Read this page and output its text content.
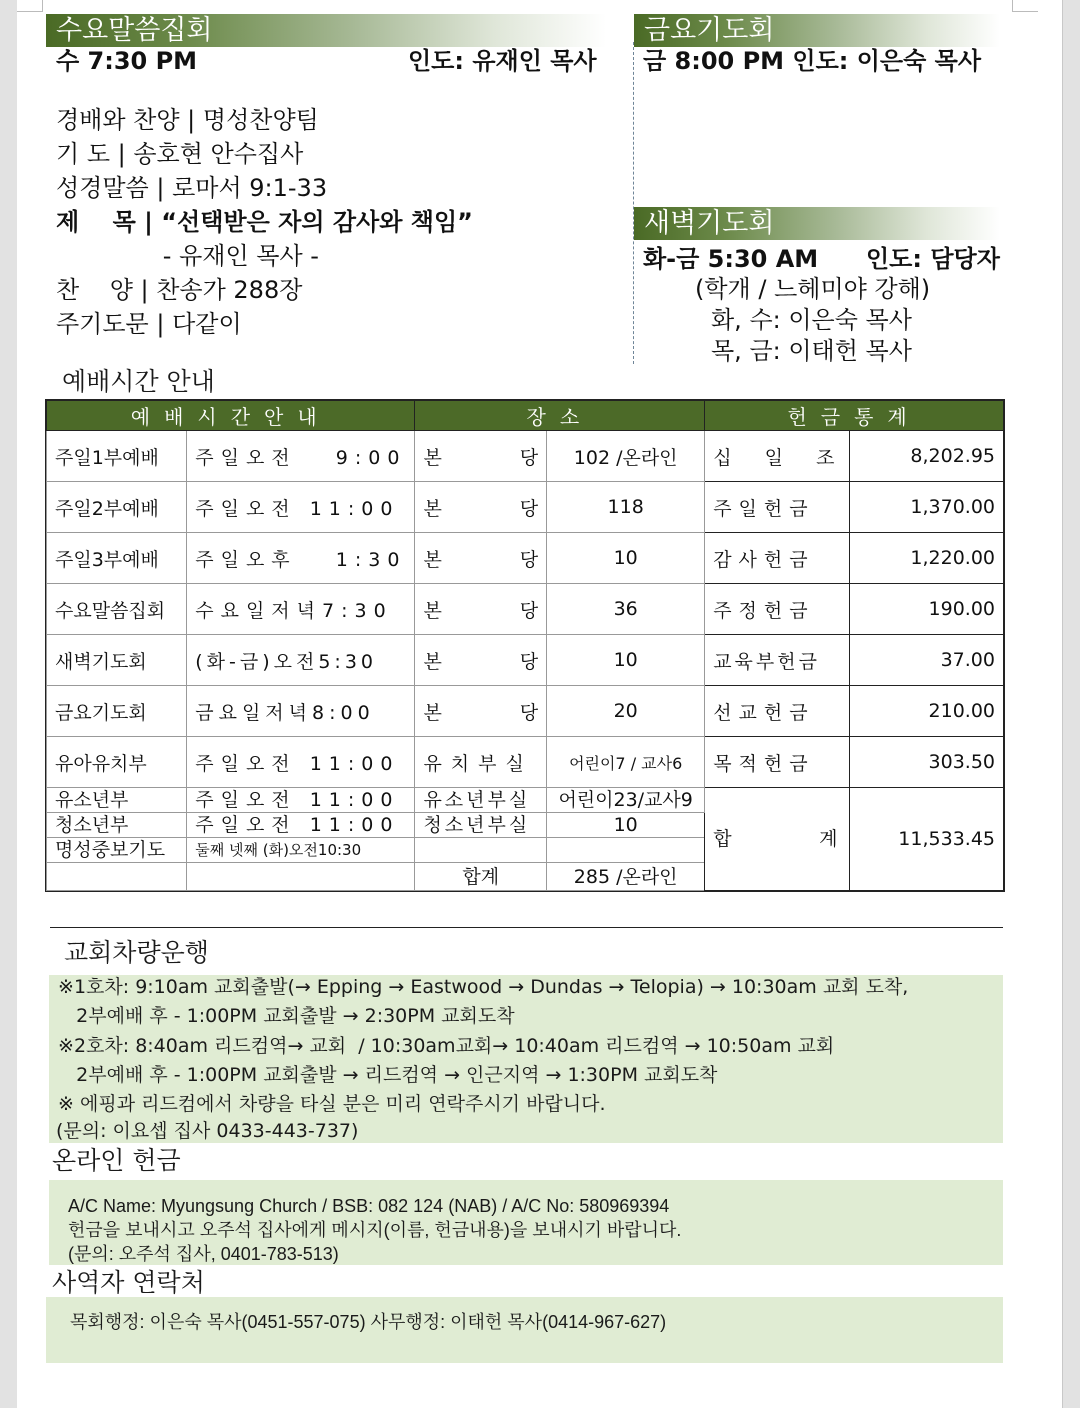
수요말씀집회
수 7:30 PM	인도: 유재인 목사
경배와 찬양 | 명성찬양팀
기 도 | 송호현 안수집사
성경말씀 | 로마서 9:1-33
제    목 | “선택받은 자의 감사와 책임”
- 유재인 목사 -
찬    양 | 찬송가 288장
주기도문 | 다같이
금요기도회
금 8:00 PM 인도: 이은숙 목사
새벽기도회
화-금 5:30 AM 인도: 담당자
(학개 / 느헤미야 강해)
화, 수: 이은숙 목사
목, 금: 이태헌 목사
예배시간 안내
예배시간안내		장소		헌금통계	
주일1부예배	주일오전   9:00	본 당	102 /온라인	십  일  조	8,202.95
주일2부예배	주일오전 11:00	본 당	118	주일헌금	1,370.00
주일3부예배	주일오후   1:30	본 당	10	감사헌금	1,220.00
수요말씀집회	수요일저녁7:30	본 당	36	주정헌금	190.00
새벽기도회	(화-금)오전5:30	본 당	10	교육부헌금	37.00
금요기도회	금요일저녁8:00	본 당	20	선교헌금	210.00
유아유치부	주일오전 11:00	유치부실	어린이7 / 교사6	목적헌금	303.50
유소년부	주일오전 11:00	유소년부실	어린이23/교사9	합 계	11,533.45
청소년부	주일오전 11:00	청소년부실	10		
명성중보기도	둘째 넷째 (화)오전10:30				
		합계	285 /온라인		
교회차량운행
※1호차: 9:10am 교회출발(→ Epping → Eastwood → Dundas → Telopia) → 10:30am 교회 도착,
2부예배 후 - 1:00PM 교회출발 → 2:30PM 교회도착
※2호차: 8:40am 리드컴역→ 교회  / 10:30am교회→ 10:40am 리드컴역 → 10:50am 교회
2부예배 후 - 1:00PM 교회출발 → 리드컴역 → 인근지역 → 1:30PM 교회도착
※ 에핑과 리드컴에서 차량을 타실 분은 미리 연락주시기 바랍니다.
(문의: 이요셉 집사 0433-443-737)
온라인 헌금
A/C Name: Myungsung Church / BSB: 082 124 (NAB) / A/C No: 580969394
헌금을 보내시고 오주석 집사에게 메시지(이름, 헌금내용)을 보내시기 바랍니다.
(문의: 오주석 집사, 0401-783-513)
사역자 연락처
목회행정: 이은숙 목사(0451-557-075) 사무행정: 이태헌 목사(0414-967-627)
